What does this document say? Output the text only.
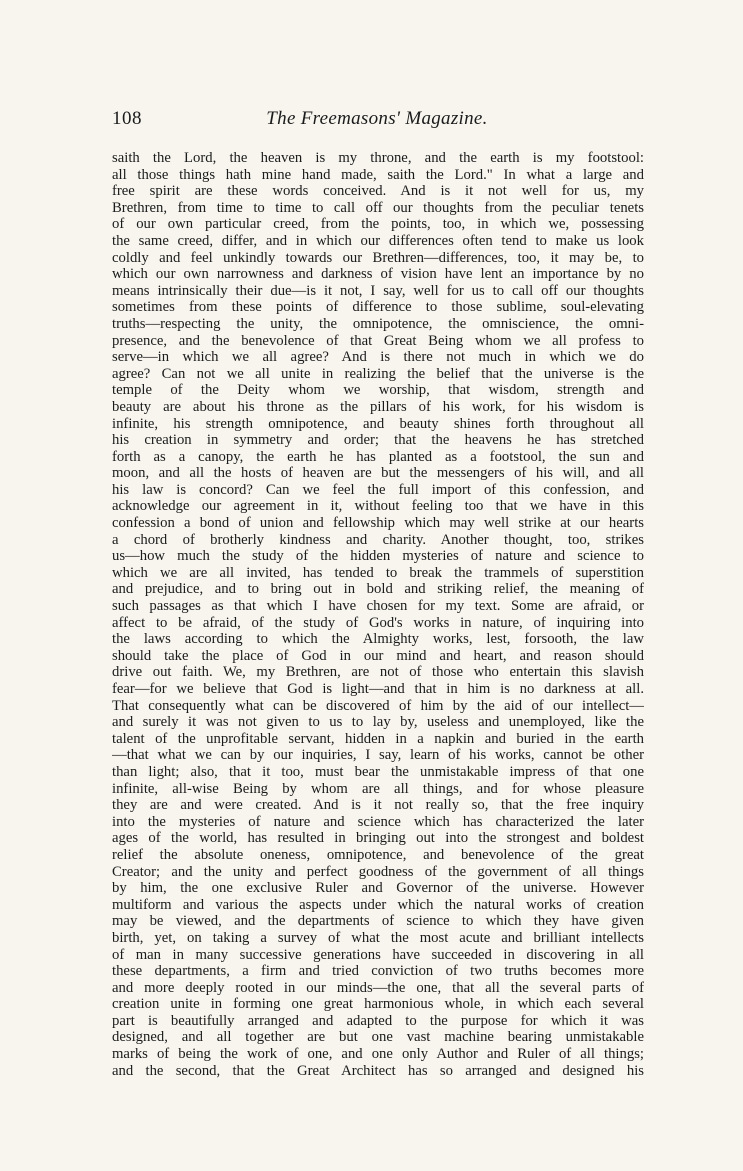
108	The Freemasons' Magazine.
saith the Lord, the heaven is my throne, and the earth is my footstool:
all those things hath mine hand made, saith the Lord." In what a large and
free spirit are these words conceived. And is it not well for us, my
Brethren, from time to time to call off our thoughts from the peculiar tenets
of our own particular creed, from the points, too, in which we, possessing
the same creed, differ, and in which our differences often tend to make us look
coldly and feel unkindly towards our Brethren—differences, too, it may be, to
which our own narrowness and darkness of vision have lent an importance by no
means intrinsically their due—is it not, I say, well for us to call off our thoughts
sometimes from these points of difference to those sublime, soul-elevating
truths—respecting the unity, the omnipotence, the omniscience, the omni-
presence, and the benevolence of that Great Being whom we all profess to
serve—in which we all agree? And is there not much in which we do
agree? Can not we all unite in realizing the belief that the universe is the
temple of the Deity whom we worship, that wisdom, strength and
beauty are about his throne as the pillars of his work, for his wisdom is
infinite, his strength omnipotence, and beauty shines forth throughout all
his creation in symmetry and order; that the heavens he has stretched
forth as a canopy, the earth he has planted as a footstool, the sun and
moon, and all the hosts of heaven are but the messengers of his will, and all
his law is concord? Can we feel the full import of this confession, and
acknowledge our agreement in it, without feeling too that we have in this
confession a bond of union and fellowship which may well strike at our hearts
a chord of brotherly kindness and charity. Another thought, too, strikes
us—how much the study of the hidden mysteries of nature and science to
which we are all invited, has tended to break the trammels of superstition
and prejudice, and to bring out in bold and striking relief, the meaning of
such passages as that which I have chosen for my text. Some are afraid, or
affect to be afraid, of the study of God's works in nature, of inquiring into
the laws according to which the Almighty works, lest, forsooth, the law
should take the place of God in our mind and heart, and reason should
drive out faith. We, my Brethren, are not of those who entertain this slavish
fear—for we believe that God is light—and that in him is no darkness at all.
That consequently what can be discovered of him by the aid of our intellect—
and surely it was not given to us to lay by, useless and unemployed, like the
talent of the unprofitable servant, hidden in a napkin and buried in the earth
—that what we can by our inquiries, I say, learn of his works, cannot be other
than light; also, that it too, must bear the unmistakable impress of that one
infinite, all-wise Being by whom are all things, and for whose pleasure
they are and were created. And is it not really so, that the free inquiry
into the mysteries of nature and science which has characterized the later
ages of the world, has resulted in bringing out into the strongest and boldest
relief the absolute oneness, omnipotence, and benevolence of the great
Creator; and the unity and perfect goodness of the government of all things
by him, the one exclusive Ruler and Governor of the universe. However
multiform and various the aspects under which the natural works of creation
may be viewed, and the departments of science to which they have given
birth, yet, on taking a survey of what the most acute and brilliant intellects
of man in many successive generations have succeeded in discovering in all
these departments, a firm and tried conviction of two truths becomes more
and more deeply rooted in our minds—the one, that all the several parts of
creation unite in forming one great harmonious whole, in which each several
part is beautifully arranged and adapted to the purpose for which it was
designed, and all together are but one vast machine bearing unmistakable
marks of being the work of one, and one only Author and Ruler of all things;
and the second, that the Great Architect has so arranged and designed his
